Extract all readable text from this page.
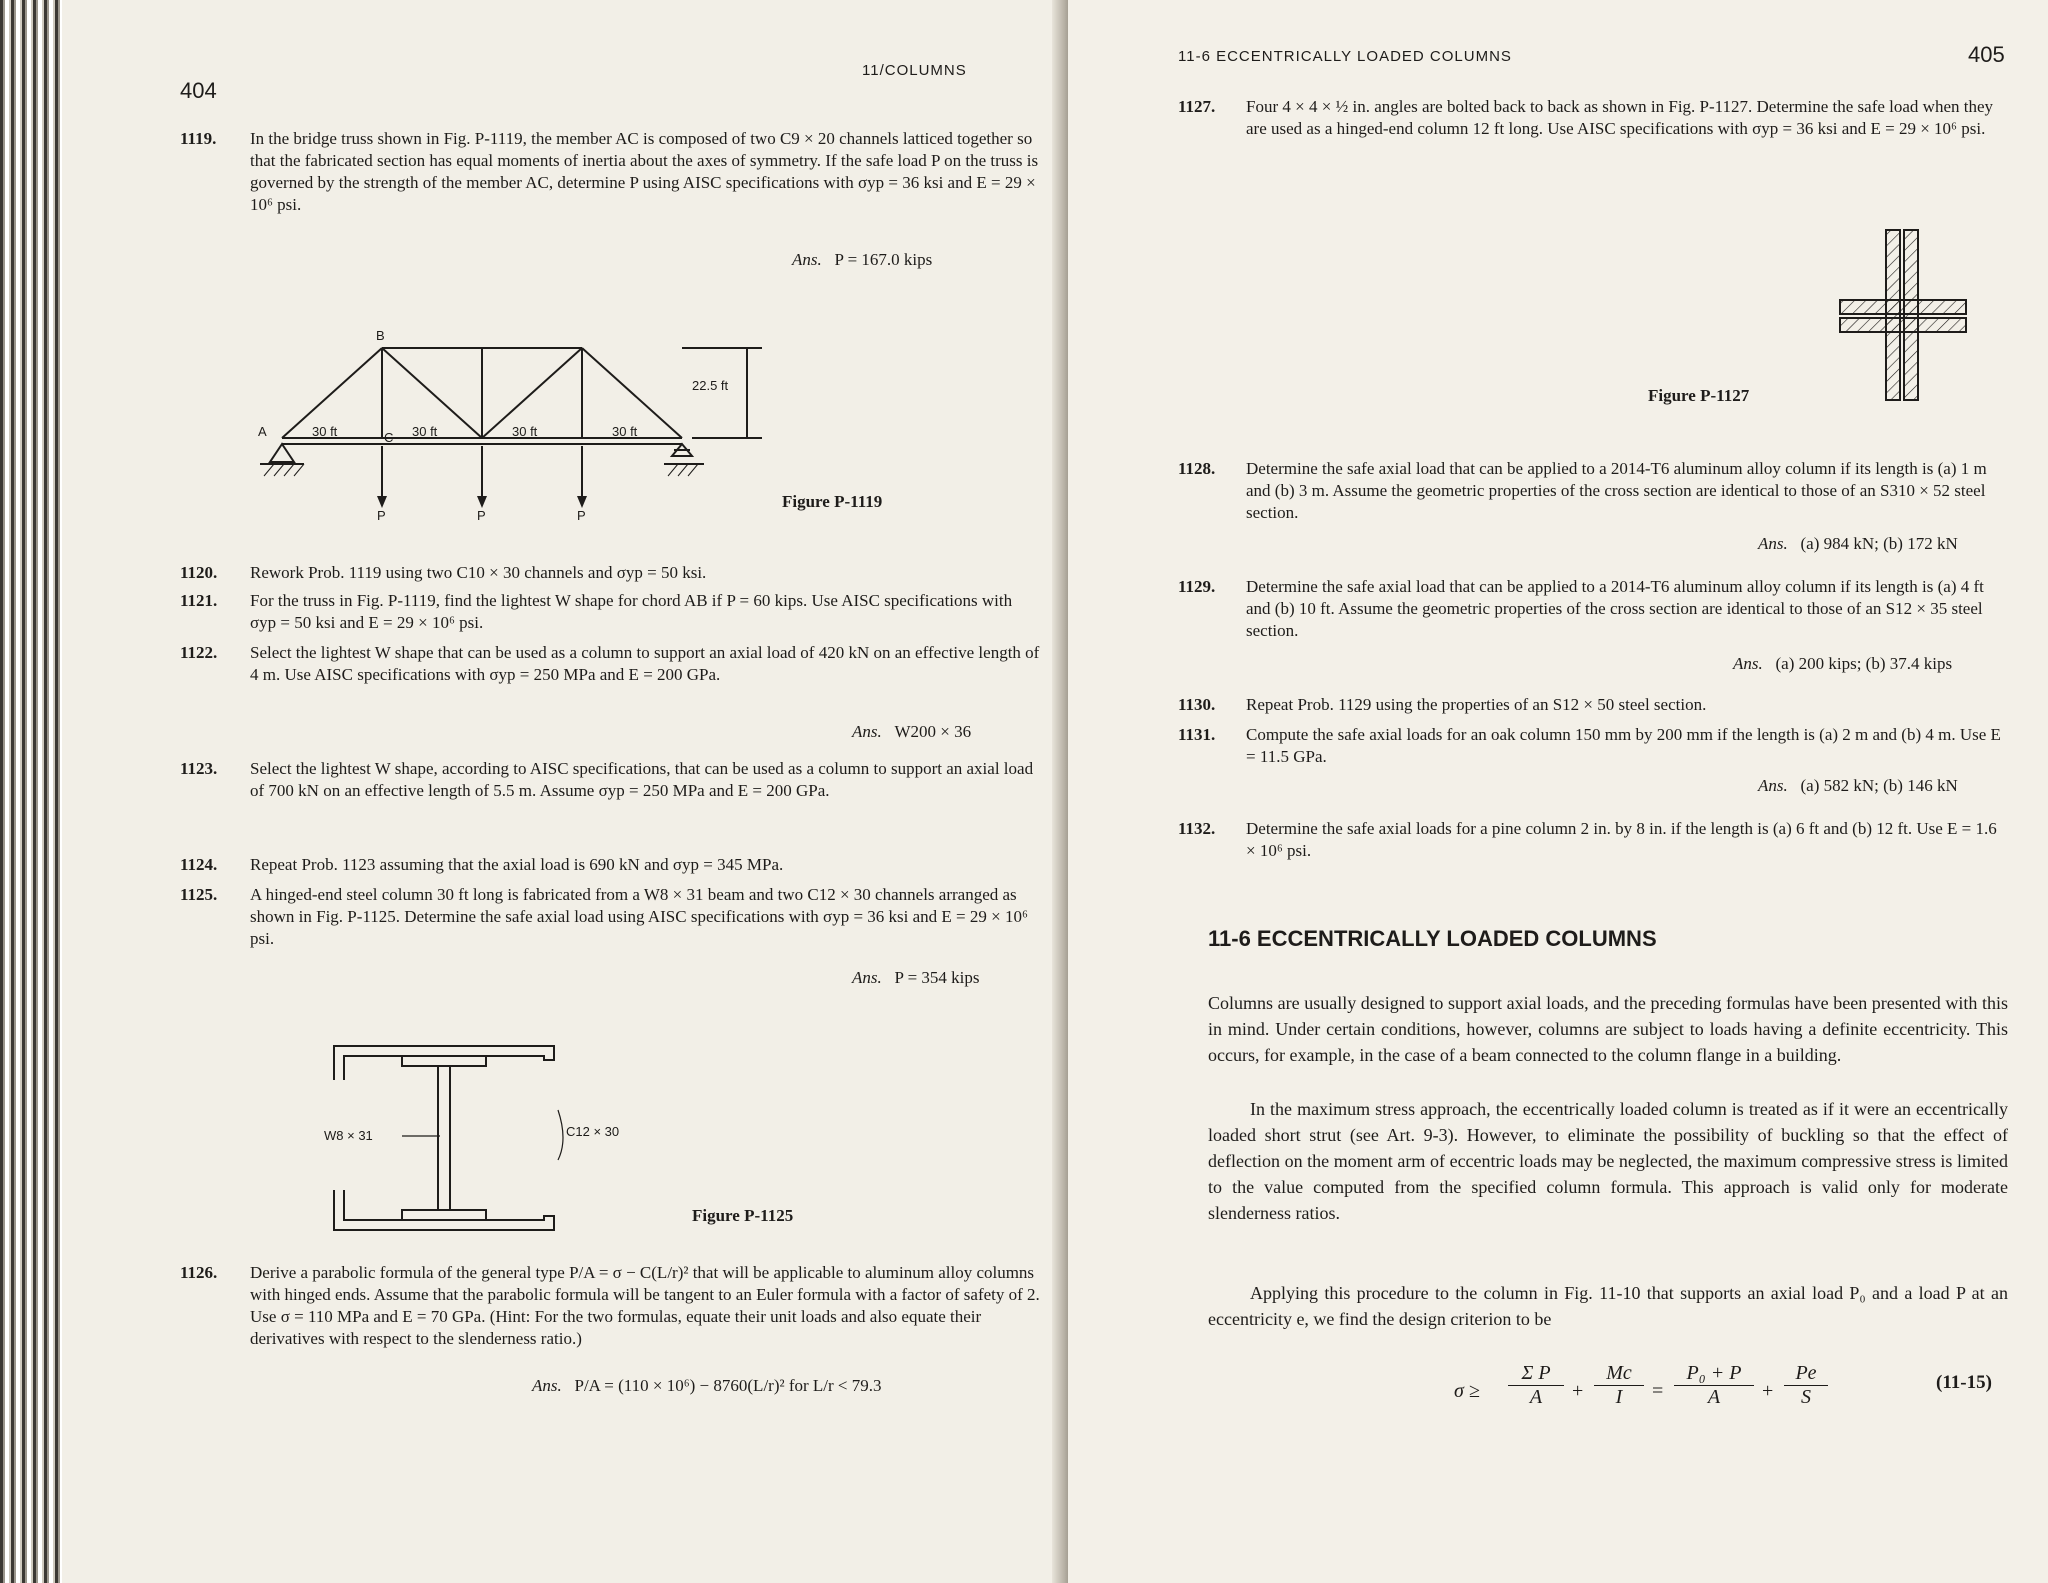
404
11/COLUMNS
1119. In the bridge truss shown in Fig. P-1119, the member AC is composed of two C9 × 20 channels latticed together so that the fabricated section has equal moments of inertia about the axes of symmetry. If the safe load P on the truss is governed by the strength of the member AC, determine P using AISC specifications with σyp = 36 ksi and E = 29 × 10⁶ psi.
Ans. P = 167.0 kips
A
B
C
30 ft	30 ft	30 ft	30 ft
22.5 ft
P	P	P
Figure P-1119
1120. Rework Prob. 1119 using two C10 × 30 channels and σyp = 50 ksi.
1121. For the truss in Fig. P-1119, find the lightest W shape for chord AB if P = 60 kips. Use AISC specifications with σyp = 50 ksi and E = 29 × 10⁶ psi.
1122. Select the lightest W shape that can be used as a column to support an axial load of 420 kN on an effective length of 4 m. Use AISC specifications with σyp = 250 MPa and E = 200 GPa.
Ans. W200 × 36
1123. Select the lightest W shape, according to AISC specifications, that can be used as a column to support an axial load of 700 kN on an effective length of 5.5 m. Assume σyp = 250 MPa and E = 200 GPa.
1124. Repeat Prob. 1123 assuming that the axial load is 690 kN and σyp = 345 MPa.
1125. A hinged-end steel column 30 ft long is fabricated from a W8 × 31 beam and two C12 × 30 channels arranged as shown in Fig. P-1125. Determine the safe axial load using AISC specifications with σyp = 36 ksi and E = 29 × 10⁶ psi.
Ans. P = 354 kips
W8 × 31	C12 × 30
Figure P-1125
1126. Derive a parabolic formula of the general type P/A = σ − C(L/r)² that will be applicable to aluminum alloy columns with hinged ends. Assume that the parabolic formula will be tangent to an Euler formula with a factor of safety of 2. Use σ = 110 MPa and E = 70 GPa. (Hint: For the two formulas, equate their unit loads and also equate their derivatives with respect to the slenderness ratio.)
Ans. P/A = (110 × 10⁶) − 8760(L/r)² for L/r < 79.3
11-6 ECCENTRICALLY LOADED COLUMNS	405
1127. Four 4 × 4 × ½ in. angles are bolted back to back as shown in Fig. P-1127. Determine the safe load when they are used as a hinged-end column 12 ft long. Use AISC specifications with σyp = 36 ksi and E = 29 × 10⁶ psi.
Figure P-1127
1128. Determine the safe axial load that can be applied to a 2014-T6 aluminum alloy column if its length is (a) 1 m and (b) 3 m. Assume the geometric properties of the cross section are identical to those of an S310 × 52 steel section.
Ans. (a) 984 kN; (b) 172 kN
1129. Determine the safe axial load that can be applied to a 2014-T6 aluminum alloy column if its length is (a) 4 ft and (b) 10 ft. Assume the geometric properties of the cross section are identical to those of an S12 × 35 steel section.
Ans. (a) 200 kips; (b) 37.4 kips
1130. Repeat Prob. 1129 using the properties of an S12 × 50 steel section.
1131. Compute the safe axial loads for an oak column 150 mm by 200 mm if the length is (a) 2 m and (b) 4 m. Use E = 11.5 GPa.
Ans. (a) 582 kN; (b) 146 kN
1132. Determine the safe axial loads for a pine column 2 in. by 8 in. if the length is (a) 6 ft and (b) 12 ft. Use E = 1.6 × 10⁶ psi.
11-6 ECCENTRICALLY LOADED COLUMNS
Columns are usually designed to support axial loads, and the preceding formulas have been presented with this in mind. Under certain conditions, however, columns are subject to loads having a definite eccentricity. This occurs, for example, in the case of a beam connected to the column flange in a building.
In the maximum stress approach, the eccentrically loaded column is treated as if it were an eccentrically loaded short strut (see Art. 9-3). However, to eliminate the possibility of buckling so that the effect of deflection on the moment arm of eccentric loads may be neglected, the maximum compressive stress is limited to the value computed from the specified column formula. This approach is valid only for moderate slenderness ratios.
Applying this procedure to the column in Fig. 11-10 that supports an axial load P₀ and a load P at an eccentricity e, we find the design criterion to be
$\sigma \ge \frac{\text{Σ P}}{A} + \frac{Mc}{I} = \frac{\text{P₀ + P}}{A} + \frac{Pe}{S}$	(11-15)
